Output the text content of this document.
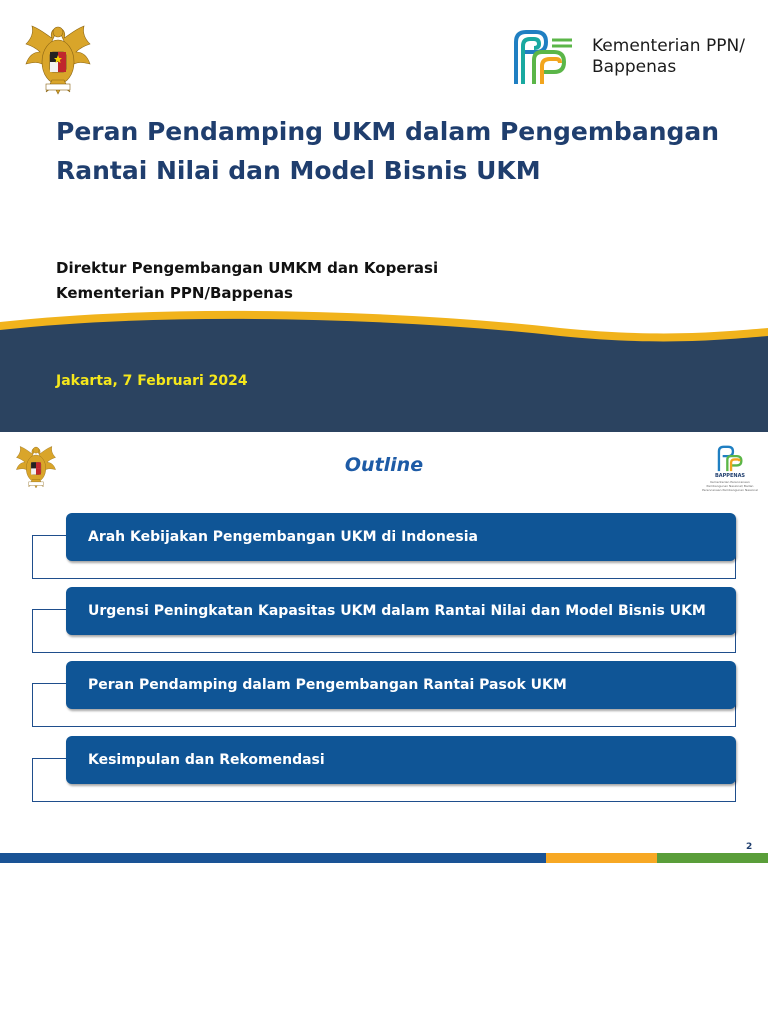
Kementerian PPN/
Bappenas
Peran Pendamping UKM dalam Pengembangan
Rantai Nilai dan Model Bisnis UKM
Direktur Pengembangan UMKM dan Koperasi
Kementerian PPN/Bappenas
Jakarta, 7 Februari 2024
Outline	BAPPENAS
Kementerian Perencanaan Pembangunan Nasional/ Badan Perencanaan Pembangunan Nasional
Arah Kebijakan Pengembangan UKM di Indonesia
Urgensi Peningkatan Kapasitas UKM dalam Rantai Nilai dan Model Bisnis UKM
Peran Pendamping dalam Pengembangan Rantai Pasok UKM
Kesimpulan dan Rekomendasi
2
